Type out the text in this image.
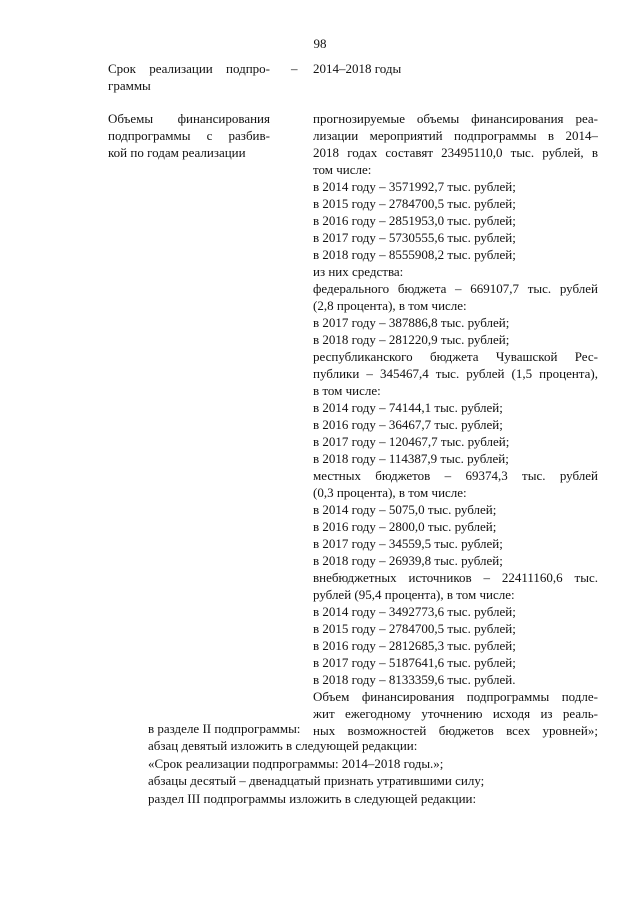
98
Срок реализации подпро-
граммы
– 2014–2018 годы
Объемы финансирования
подпрограммы с разбив-
кой по годам реализации
прогнозируемые объемы финансирования реа-
лизации мероприятий подпрограммы в 2014–
2018 годах составят 23495110,0 тыс. рублей, в
том числе:
в 2014 году – 3571992,7 тыс. рублей;
в 2015 году – 2784700,5 тыс. рублей;
в 2016 году – 2851953,0 тыс. рублей;
в 2017 году – 5730555,6 тыс. рублей;
в 2018 году – 8555908,2 тыс. рублей;
из них средства:
федерального бюджета – 669107,7 тыс. рублей
(2,8 процента), в том числе:
в 2017 году – 387886,8 тыс. рублей;
в 2018 году – 281220,9 тыс. рублей;
республиканского бюджета Чувашской Рес-
публики – 345467,4 тыс. рублей (1,5 процента),
в том числе:
в 2014 году – 74144,1 тыс. рублей;
в 2016 году – 36467,7 тыс. рублей;
в 2017 году – 120467,7 тыс. рублей;
в 2018 году – 114387,9 тыс. рублей;
местных бюджетов – 69374,3 тыс. рублей
(0,3 процента), в том числе:
в 2014 году – 5075,0 тыс. рублей;
в 2016 году – 2800,0 тыс. рублей;
в 2017 году – 34559,5 тыс. рублей;
в 2018 году – 26939,8 тыс. рублей;
внебюджетных источников – 22411160,6 тыс.
рублей (95,4 процента), в том числе:
в 2014 году – 3492773,6 тыс. рублей;
в 2015 году – 2784700,5 тыс. рублей;
в 2016 году – 2812685,3 тыс. рублей;
в 2017 году – 5187641,6 тыс. рублей;
в 2018 году – 8133359,6 тыс. рублей.
Объем финансирования подпрограммы подле-
жит ежегодному уточнению исходя из реаль-
ных возможностей бюджетов всех уровней»;
в разделе II подпрограммы:
абзац девятый изложить в следующей редакции:
«Срок реализации подпрограммы: 2014–2018 годы.»;
абзацы десятый – двенадцатый признать утратившими силу;
раздел III подпрограммы изложить в следующей редакции:
